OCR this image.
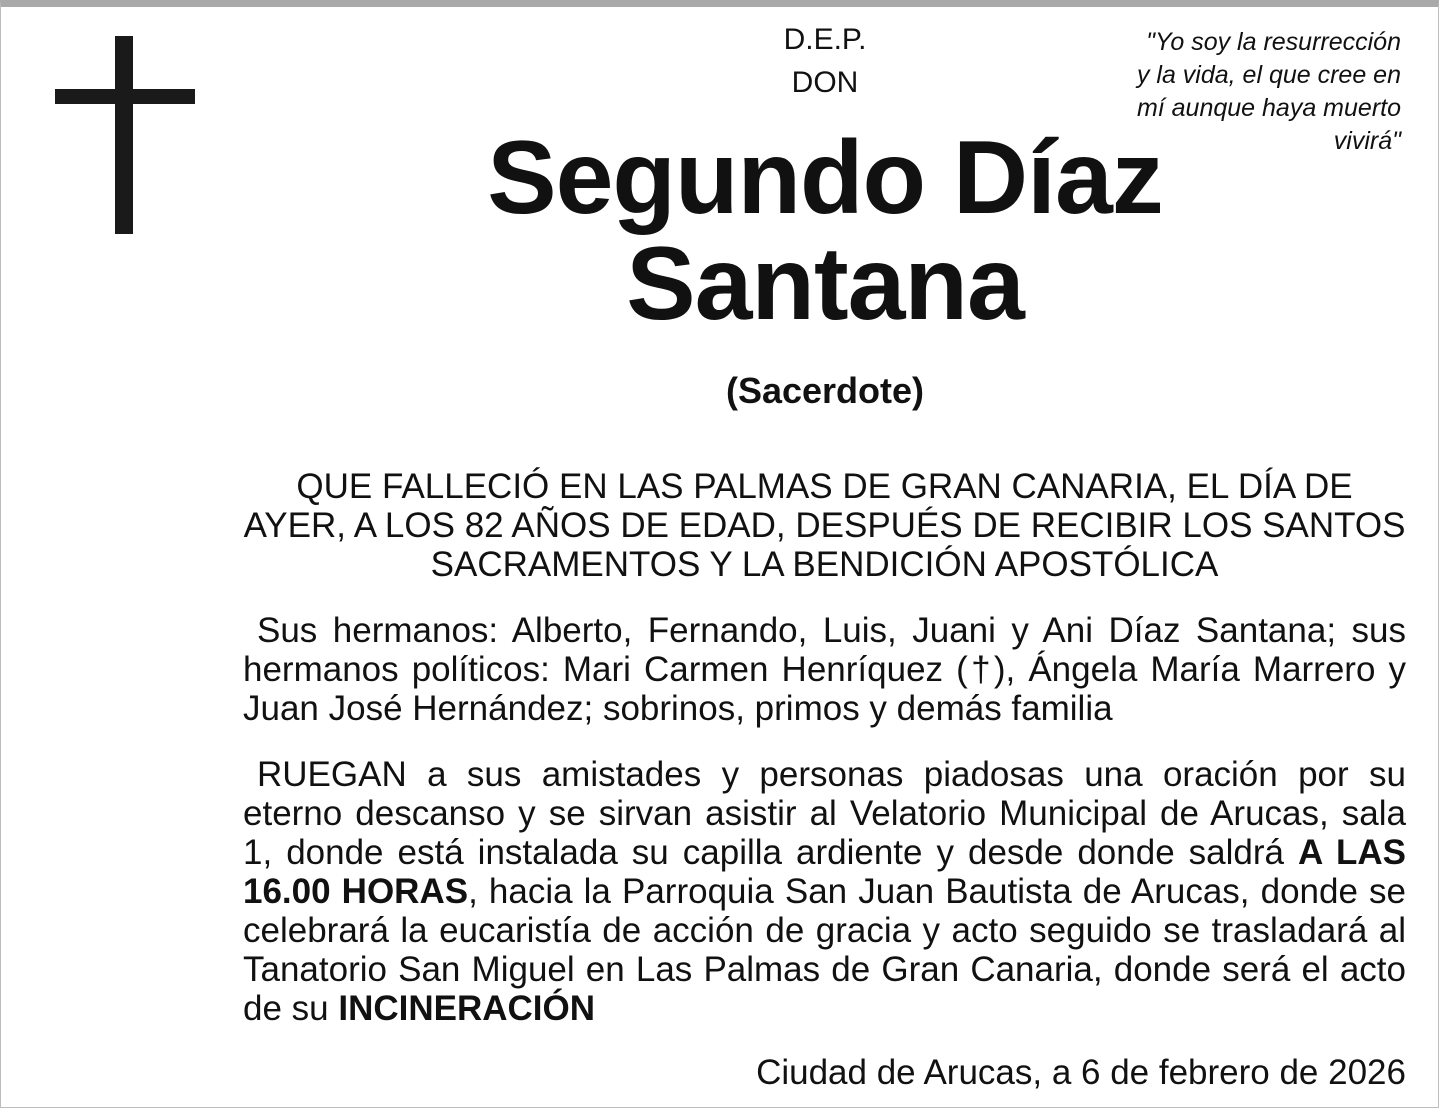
D.E.P.
DON
"Yo soy la resurrección
y la vida, el que cree en
mí aunque haya muerto
vivirá"
Segundo Díaz
Santana
(Sacerdote)
QUE FALLECIÓ EN LAS PALMAS DE GRAN CANARIA, EL DÍA DE AYER, A LOS 82 AÑOS DE EDAD, DESPUÉS DE RECIBIR LOS SANTOS SACRAMENTOS Y LA BENDICIÓN APOSTÓLICA
Sus hermanos: Alberto, Fernando, Luis, Juani y Ani Díaz Santana; sus hermanos políticos: Mari Carmen Henríquez (†), Ángela María Marrero y Juan José Hernández; sobrinos, primos y demás familia
RUEGAN a sus amistades y personas piadosas una oración por su eterno descanso y se sirvan asistir al Velatorio Municipal de Arucas, sala 1, donde está instalada su capilla ardiente y desde donde saldrá A LAS 16.00 HORAS, hacia la Parroquia San Juan Bautista de Arucas, donde se celebrará la eucaristía de acción de gracia y acto seguido se trasladará al Tanatorio San Miguel en Las Palmas de Gran Canaria, donde será el acto de su INCINERACIÓN
Ciudad de Arucas, a 6 de febrero de 2026
